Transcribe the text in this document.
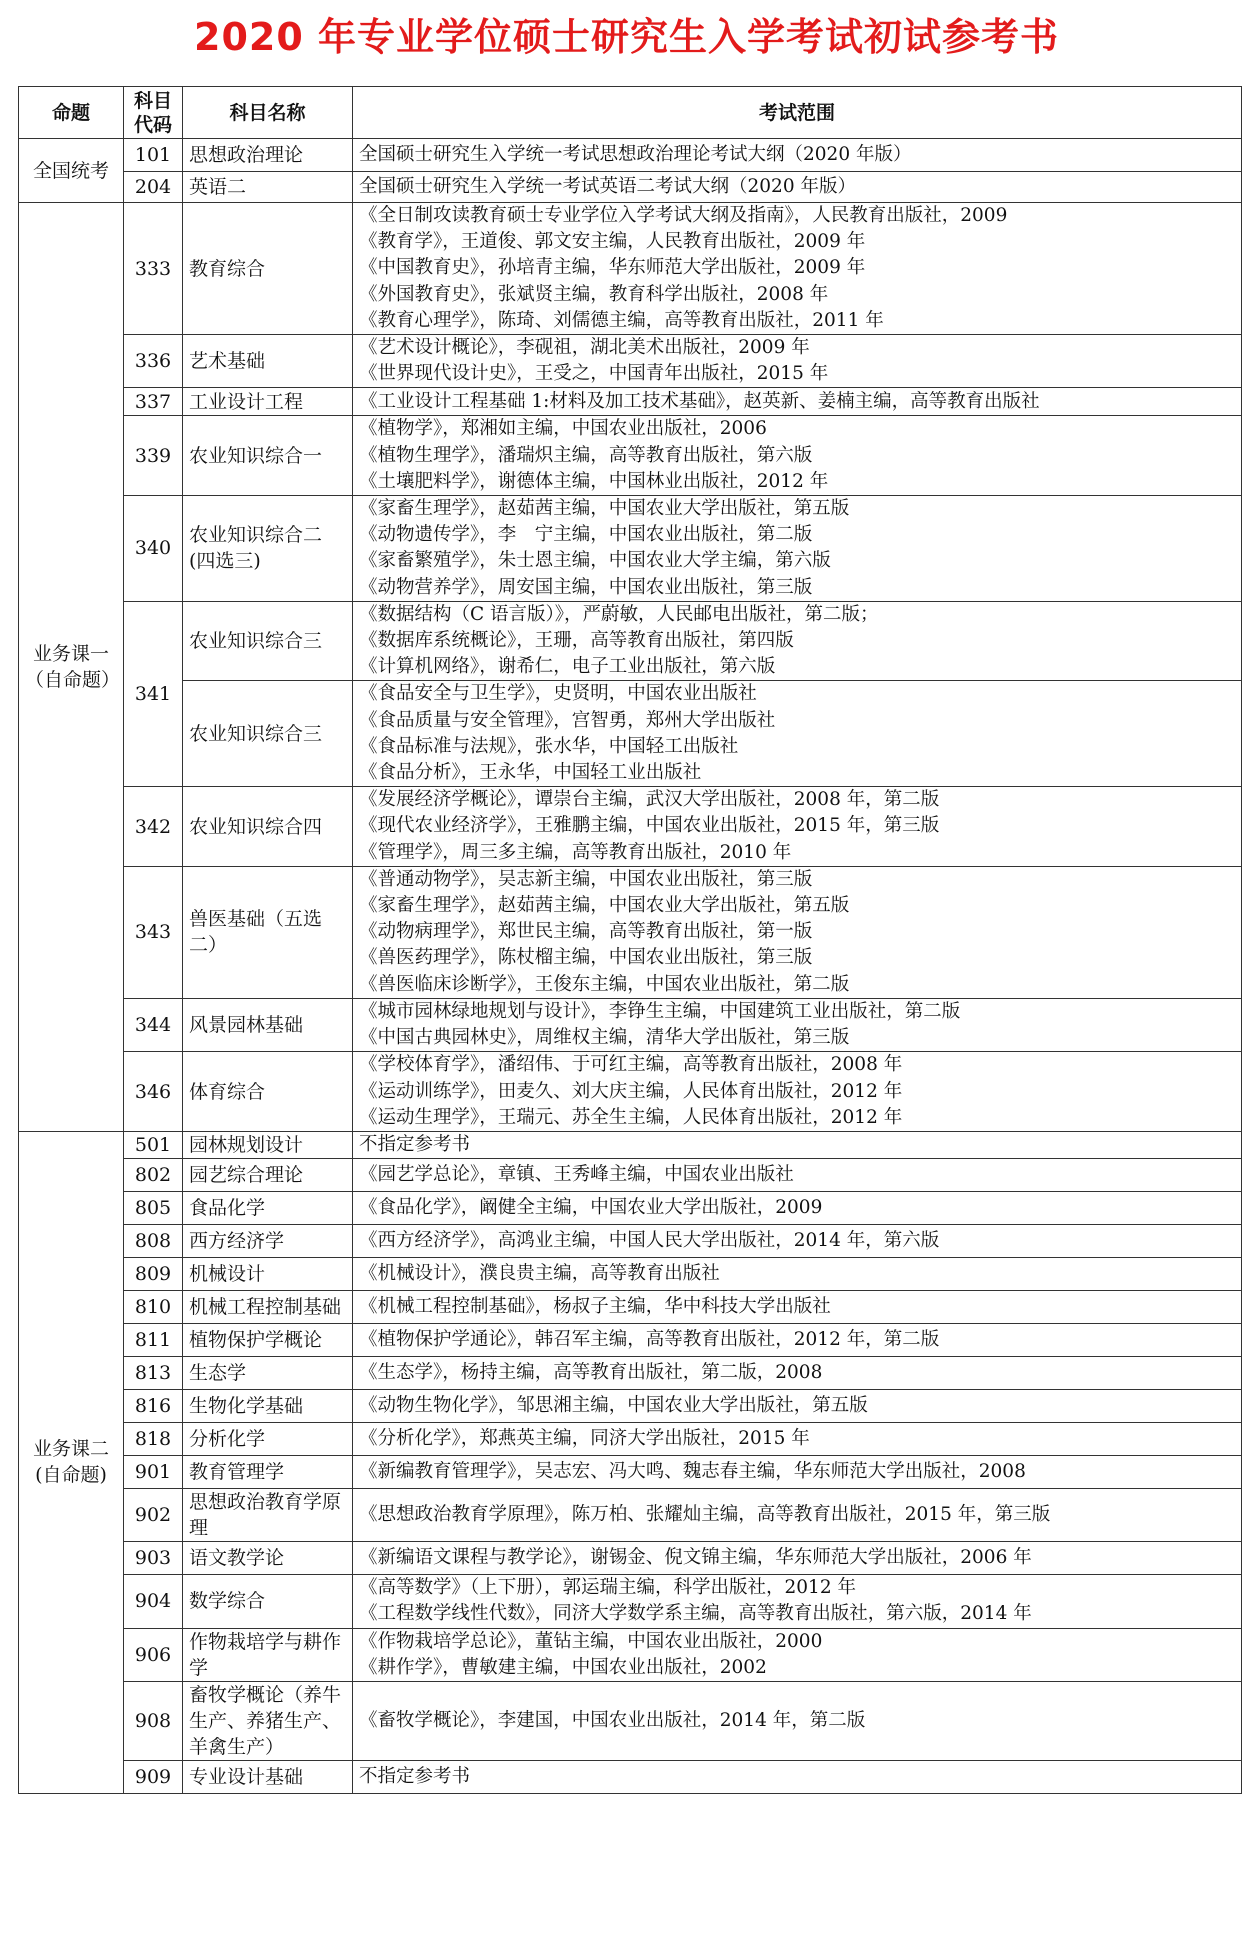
2020 年专业学位硕士研究生入学考试初试参考书
命题	科目代码	科目名称	考试范围
全国统考	101	思想政治理论	全国硕士研究生入学统一考试思想政治理论考试大纲（2020 年版）

	204	英语二	全国硕士研究生入学统一考试英语二考试大纲（2020 年版）

业务课一（自命题）	333	教育综合	《全日制攻读教育硕士专业学位入学考试大纲及指南》，人民教育出版社，2009
《教育学》，王道俊、郭文安主编，人民教育出版社，2009 年
《中国教育史》，孙培青主编，华东师范大学出版社，2009 年
《外国教育史》，张斌贤主编，教育科学出版社，2008 年
《教育心理学》，陈琦、刘儒德主编，高等教育出版社，2011 年

	336	艺术基础	《艺术设计概论》，李砚祖，湖北美术出版社，2009 年
《世界现代设计史》，王受之，中国青年出版社，2015 年

	337	工业设计工程	《工业设计工程基础 1:材料及加工技术基础》，赵英新、姜楠主编，高等教育出版社

	339	农业知识综合一	《植物学》，郑湘如主编，中国农业出版社，2006
《植物生理学》，潘瑞炽主编，高等教育出版社，第六版
《土壤肥料学》，谢德体主编，中国林业出版社，2012 年

	340	农业知识综合二(四选三)	《家畜生理学》，赵茹茜主编，中国农业大学出版社，第五版
《动物遗传学》，李　宁主编，中国农业出版社，第二版
《家畜繁殖学》，朱士恩主编，中国农业大学主编，第六版
《动物营养学》，周安国主编，中国农业出版社，第三版

	341	农业知识综合三	《数据结构（C 语言版）》，严蔚敏，人民邮电出版社，第二版；
《数据库系统概论》，王珊，高等教育出版社，第四版
《计算机网络》，谢希仁，电子工业出版社，第六版

		农业知识综合三	《食品安全与卫生学》，史贤明，中国农业出版社
《食品质量与安全管理》，宫智勇，郑州大学出版社
《食品标准与法规》，张水华，中国轻工出版社
《食品分析》，王永华，中国轻工业出版社

	342	农业知识综合四	《发展经济学概论》，谭崇台主编，武汉大学出版社，2008 年，第二版
《现代农业经济学》，王雅鹏主编，中国农业出版社，2015 年，第三版
《管理学》，周三多主编，高等教育出版社，2010 年

	343	兽医基础（五选二）	《普通动物学》，吴志新主编，中国农业出版社，第三版
《家畜生理学》，赵茹茜主编，中国农业大学出版社，第五版
《动物病理学》，郑世民主编，高等教育出版社，第一版
《兽医药理学》，陈杖榴主编，中国农业出版社，第三版
《兽医临床诊断学》，王俊东主编，中国农业出版社，第二版

	344	风景园林基础	《城市园林绿地规划与设计》，李铮生主编，中国建筑工业出版社，第二版
《中国古典园林史》，周维权主编，清华大学出版社，第三版

	346	体育综合	《学校体育学》，潘绍伟、于可红主编，高等教育出版社，2008 年
《运动训练学》，田麦久、刘大庆主编，人民体育出版社，2012 年
《运动生理学》，王瑞元、苏全生主编，人民体育出版社，2012 年

业务课二(自命题)	501	园林规划设计	不指定参考书

	802	园艺综合理论	《园艺学总论》，章镇、王秀峰主编，中国农业出版社

	805	食品化学	《食品化学》，阚健全主编，中国农业大学出版社，2009

	808	西方经济学	《西方经济学》，高鸿业主编，中国人民大学出版社，2014 年，第六版

	809	机械设计	《机械设计》，濮良贵主编，高等教育出版社

	810	机械工程控制基础	《机械工程控制基础》，杨叔子主编，华中科技大学出版社

	811	植物保护学概论	《植物保护学通论》，韩召军主编，高等教育出版社，2012 年，第二版

	813	生态学	《生态学》，杨持主编，高等教育出版社，第二版，2008

	816	生物化学基础	《动物生物化学》，邹思湘主编，中国农业大学出版社，第五版

	818	分析化学	《分析化学》，郑燕英主编，同济大学出版社，2015 年

	901	教育管理学	《新编教育管理学》，吴志宏、冯大鸣、魏志春主编，华东师范大学出版社，2008

	902	思想政治教育学原理	《思想政治教育学原理》，陈万柏、张耀灿主编，高等教育出版社，2015 年，第三版

	903	语文教学论	《新编语文课程与教学论》，谢锡金、倪文锦主编，华东师范大学出版社，2006 年

	904	数学综合	《高等数学》（上下册），郭运瑞主编，科学出版社，2012 年
《工程数学线性代数》，同济大学数学系主编，高等教育出版社，第六版，2014 年

	906	作物栽培学与耕作学	《作物栽培学总论》，董钻主编，中国农业出版社，2000
《耕作学》，曹敏建主编，中国农业出版社，2002

	908	畜牧学概论（养牛生产、养猪生产、羊禽生产）	《畜牧学概论》，李建国，中国农业出版社，2014 年，第二版

	909	专业设计基础	不指定参考书
